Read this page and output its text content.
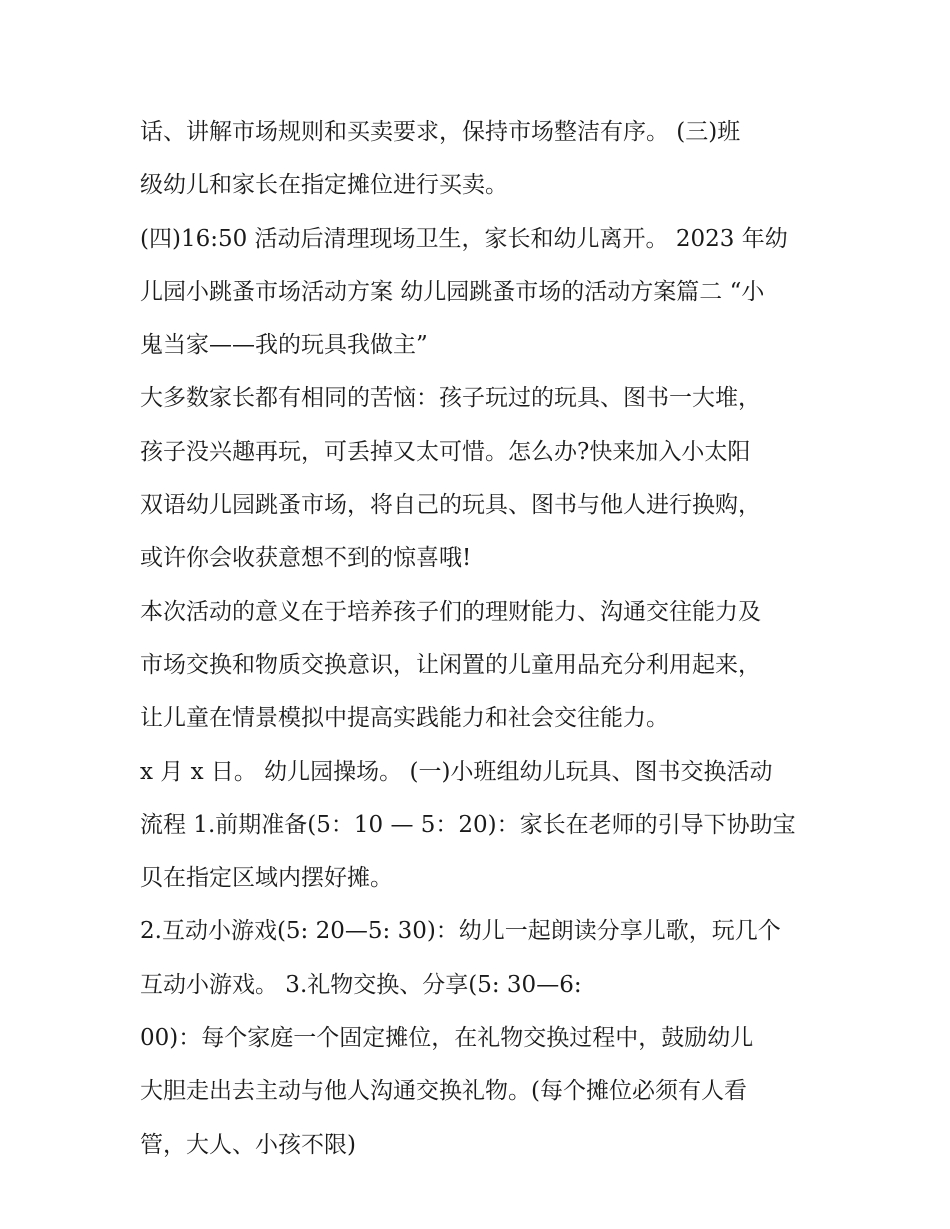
话、讲解市场规则和买卖要求，保持市场整洁有序。 (三)班
级幼儿和家长在指定摊位进行买卖。
(四)16:50 活动后清理现场卫生，家长和幼儿离开。 2023 年幼
儿园小跳蚤市场活动方案 幼儿园跳蚤市场的活动方案篇二 “小
鬼当家——我的玩具我做主”
大多数家长都有相同的苦恼：孩子玩过的玩具、图书一大堆，
孩子没兴趣再玩，可丢掉又太可惜。怎么办?快来加入小太阳
双语幼儿园跳蚤市场，将自己的玩具、图书与他人进行换购，
或许你会收获意想不到的惊喜哦!
本次活动的意义在于培养孩子们的理财能力、沟通交往能力及
市场交换和物质交换意识，让闲置的儿童用品充分利用起来，
让儿童在情景模拟中提高实践能力和社会交往能力。
x 月 x 日。 幼儿园操场。 (一)小班组幼儿玩具、图书交换活动
流程 1.前期准备(5：10 — 5：20)：家长在老师的引导下协助宝
贝在指定区域内摆好摊。
2.互动小游戏(5: 20—5: 30)：幼儿一起朗读分享儿歌，玩几个
互动小游戏。 3.礼物交换、分享(5: 30—6:
00)：每个家庭一个固定摊位，在礼物交换过程中，鼓励幼儿
大胆走出去主动与他人沟通交换礼物。(每个摊位必须有人看
管，大人、小孩不限)
